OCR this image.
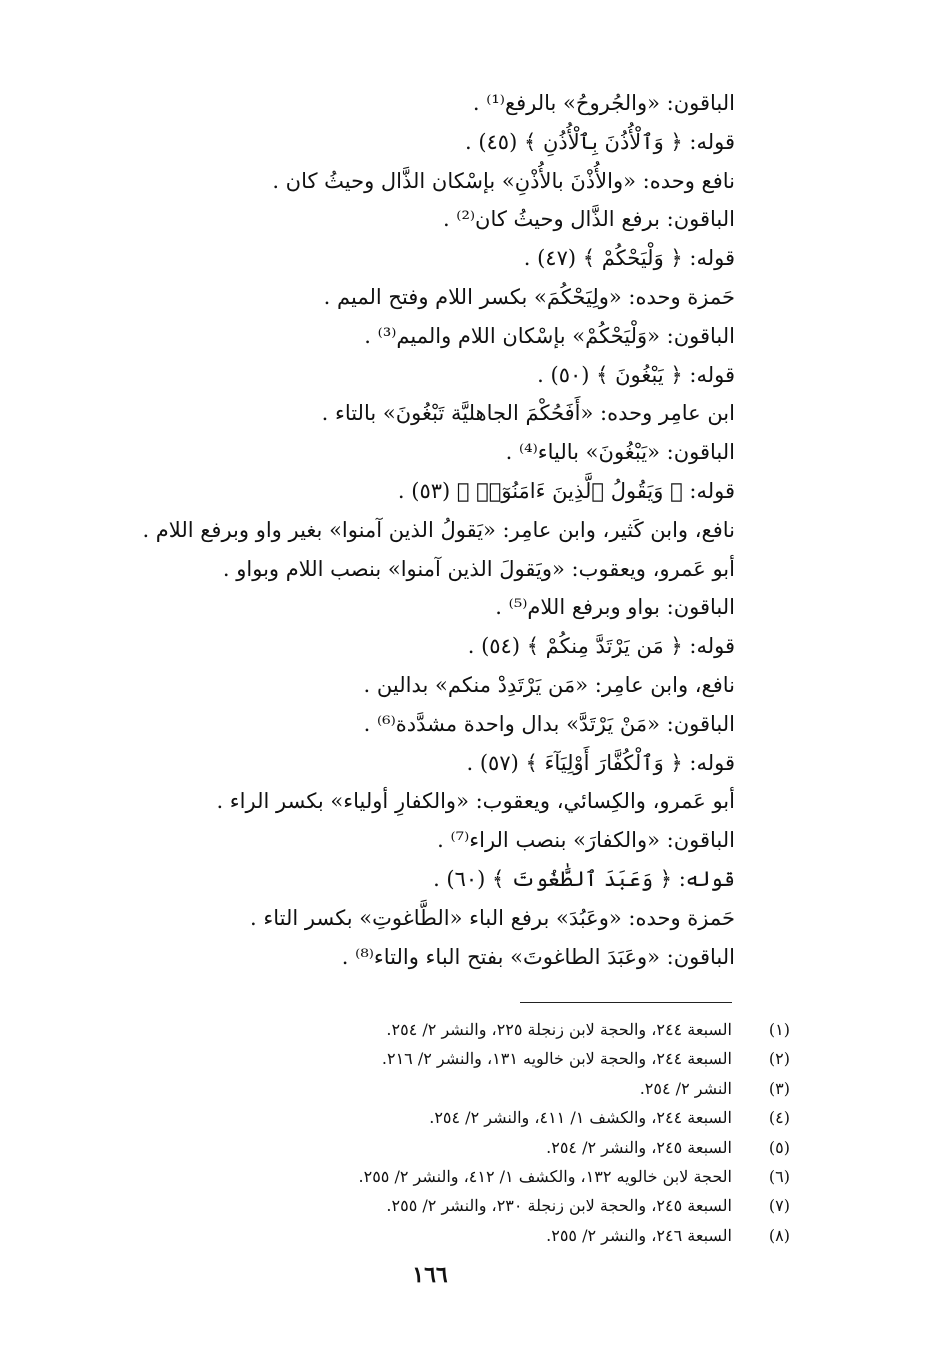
الباقون: «والجُروحُ» بالرفع⁽¹⁾ .
قوله: ﴿ وَٱلْأُذُنَ بِٱلْأُذُنِ ﴾ (٤٥) .
نافع وحده: «والأُذْنَ بالأُذْنِ» بإسْكان الذَّال وحيثُ كان .
الباقون: برفع الذَّال وحيثُ كان⁽²⁾ .
قوله: ﴿ وَلْيَحْكُمْ ﴾ (٤٧) .
حَمزة وحده: «ولِيَحْكُمَ» بكسر اللام وفتح الميم .
الباقون: «وَلْيَحْكُمْ» بإسْكان اللام والميم⁽³⁾ .
قوله: ﴿ يَبْغُونَ ﴾ (٥٠) .
ابن عامِر وحده: «أَفَحُكْمَ الجاهليَّة تَبْغُونَ» بالتاء .
الباقون: «يَبْغُونَ» بالياء⁽⁴⁾ .
قوله: ﴿ وَيَقُولُ ٱلَّذِينَ ءَامَنُوٓا۟ ﴾ (٥٣) .
نافع، وابن كَثير، وابن عامِر: «يَقولُ الذين آمنوا» بغير واو وبرفع اللام .
أبو عَمرو، ويعقوب: «ويَقولَ الذين آمنوا» بنصب اللام وبواو .
الباقون: بواو وبرفع اللام⁽⁵⁾ .
قوله: ﴿ مَن يَرْتَدَّ مِنكُمْ ﴾ (٥٤) .
نافع، وابن عامِر: «مَن يَرْتَدِدْ منكم» بدالين .
الباقون: «مَنْ يَرْتَدَّ» بدال واحدة مشدَّدة⁽⁶⁾ .
قوله: ﴿ وَٱلْكُفَّارَ أَوْلِيَآءَ ﴾ (٥٧) .
أبو عَمرو، والكِسائي، ويعقوب: «والكفارِ أولياء» بكسر الراء .
الباقون: «والكفارَ» بنصب الراء⁽⁷⁾ .
قوله: ﴿ وَعَبَدَ ٱلطَّٰغُوتَ ﴾ (٦٠) .
حَمزة وحده: «وعَبُدَ» برفع الباء «الطَّاغوتِ» بكسر التاء .
الباقون: «وعَبَدَ الطاغوتَ» بفتح الباء والتاء⁽⁸⁾ .
(١)السبعة ٢٤٤، والحجة لابن زنجلة ٢٢٥، والنشر ٢/ ٢٥٤.
(٢)السبعة ٢٤٤، والحجة لابن خالويه ١٣١، والنشر ٢/ ٢١٦.
(٣)النشر ٢/ ٢٥٤.
(٤)السبعة ٢٤٤، والكشف ١/ ٤١١، والنشر ٢/ ٢٥٤.
(٥)السبعة ٢٤٥، والنشر ٢/ ٢٥٤.
(٦)الحجة لابن خالويه ١٣٢، والكشف ١/ ٤١٢، والنشر ٢/ ٢٥٥.
(٧)السبعة ٢٤٥، والحجة لابن زنجلة ٢٣٠، والنشر ٢/ ٢٥٥.
(٨)السبعة ٢٤٦، والنشر ٢/ ٢٥٥.
١٦٦
